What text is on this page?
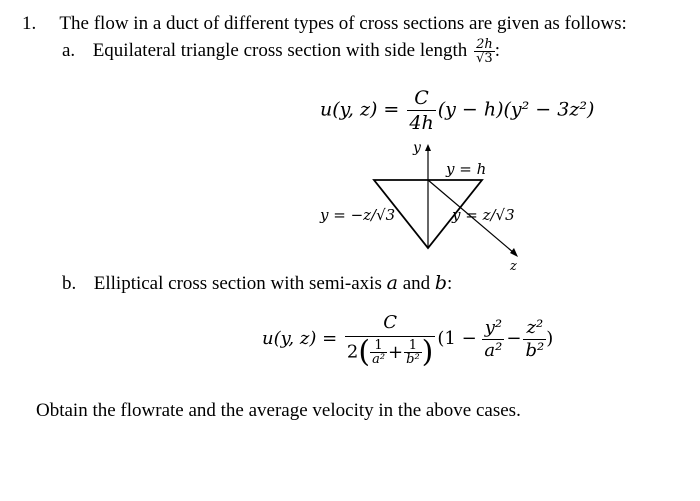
1. The flow in a duct of different types of cross sections are given as follows:
a. Equilateral triangle cross section with side length $\frac{2h}{√3}$ :
u(y, $z) = \frac{C}{4h} (y - h)(y^2 - 3z^2)$
y
z
y = h
y = −z/√3	y = z/√3
b. Elliptical cross section with semi-axis a and b:
u(y, $z) = \frac{C}{2( \frac{1}{\text{a²}} + \frac{1}{\text{b²}} )} (1 - \frac{\text{y²}}{\text{a²}} - \frac{\text{z²}}{\text{b²}}$ )
Obtain the flowrate and the average velocity in the above cases.
